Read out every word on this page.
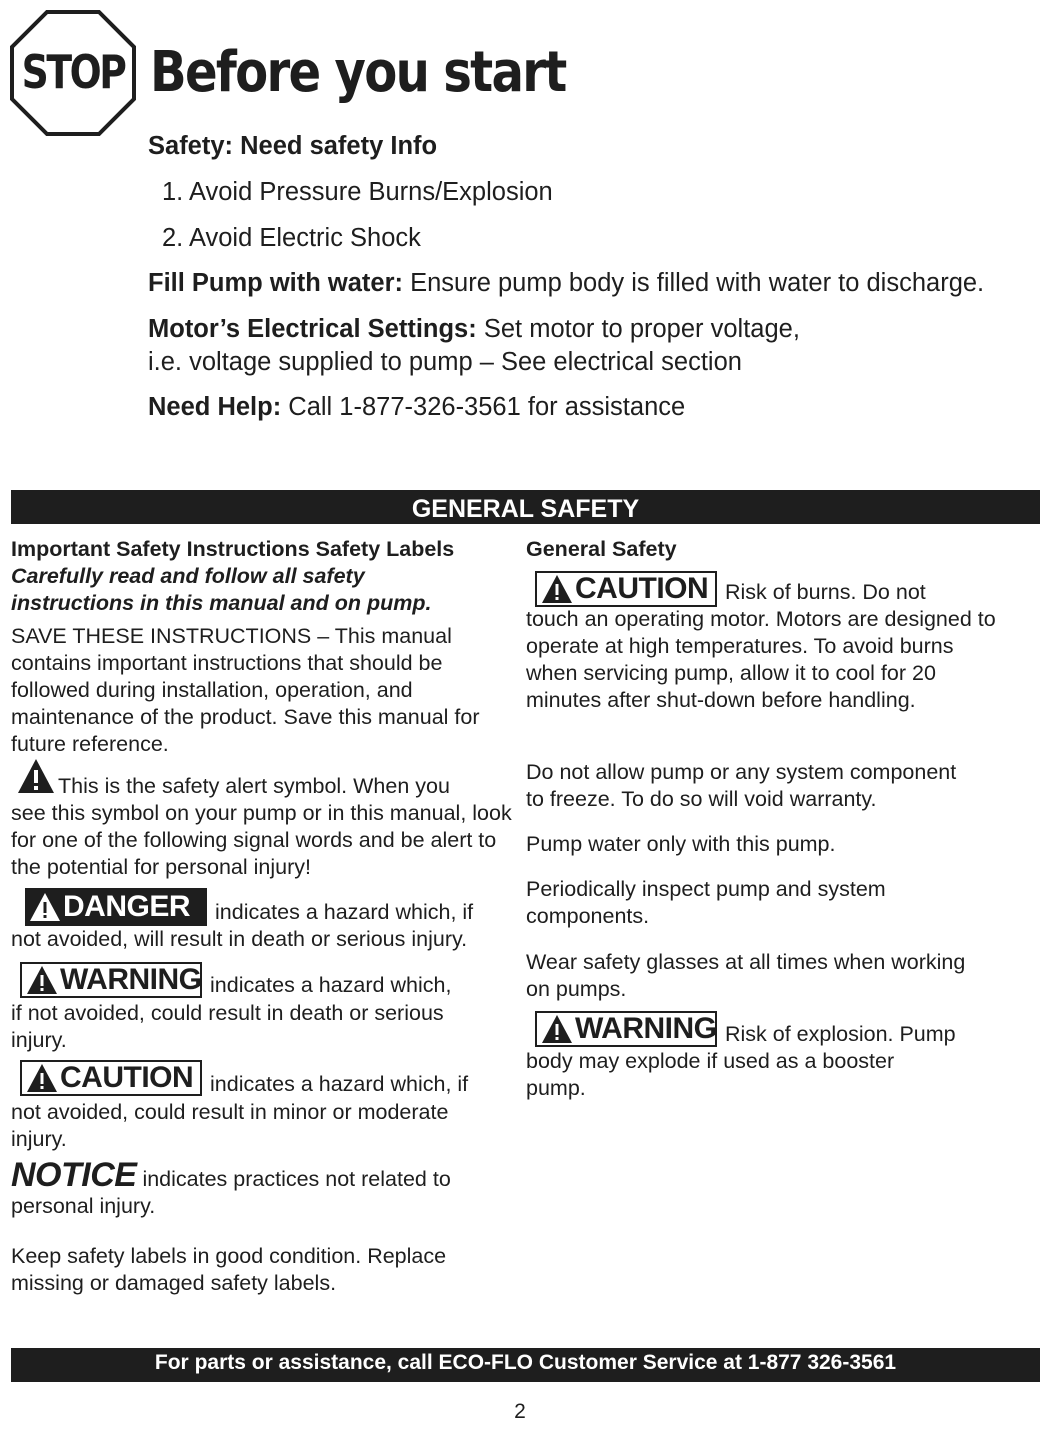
STOP Before you start
Safety: Need safety Info
1. Avoid Pressure Burns/Explosion
2. Avoid Electric Shock
Fill Pump with water: Ensure pump body is filled with water to discharge.
Motor’s Electrical Settings: Set motor to proper voltage,
i.e. voltage supplied to pump – See electrical section
Need Help: Call 1-877-326-3561 for assistance
GENERAL SAFETY

Important Safety Instructions Safety Labels

Carefully read and follow all safety instructions in this manual and on pump.

SAVE THESE INSTRUCTIONS – This manual contains important instructions that should be followed during installation, operation, and maintenance of the product. Save this manual for future reference.

This is the safety alert symbol. When you
see this symbol on your pump or in this manual, look for one of the following signal words and be alert to the potential for personal injury!
DANGER indicates a hazard which, if
not avoided, will result in death or serious injury.
WARNING indicates a hazard which,
if not avoided, could result in death or serious injury.
CAUTION indicates a hazard which, if
not avoided, could result in minor or moderate injury.
NOTICE indicates practices not related to personal injury.
Keep safety labels in good condition. Replace missing or damaged safety labels.

General Safety

CAUTION Risk of burns. Do not
touch an operating motor. Motors are designed to operate at high temperatures. To avoid burns when servicing pump, allow it to cool for 20 minutes after shut-down before handling.
Do not allow pump or any system component to freeze. To do so will void warranty.
Pump water only with this pump.
Periodically inspect pump and system components.
Wear safety glasses at all times when working on pumps.
WARNING Risk of explosion. Pump
body may explode if used as a booster pump.
For parts or assistance, call ECO-FLO Customer Service at 1-877 326-3561
2
